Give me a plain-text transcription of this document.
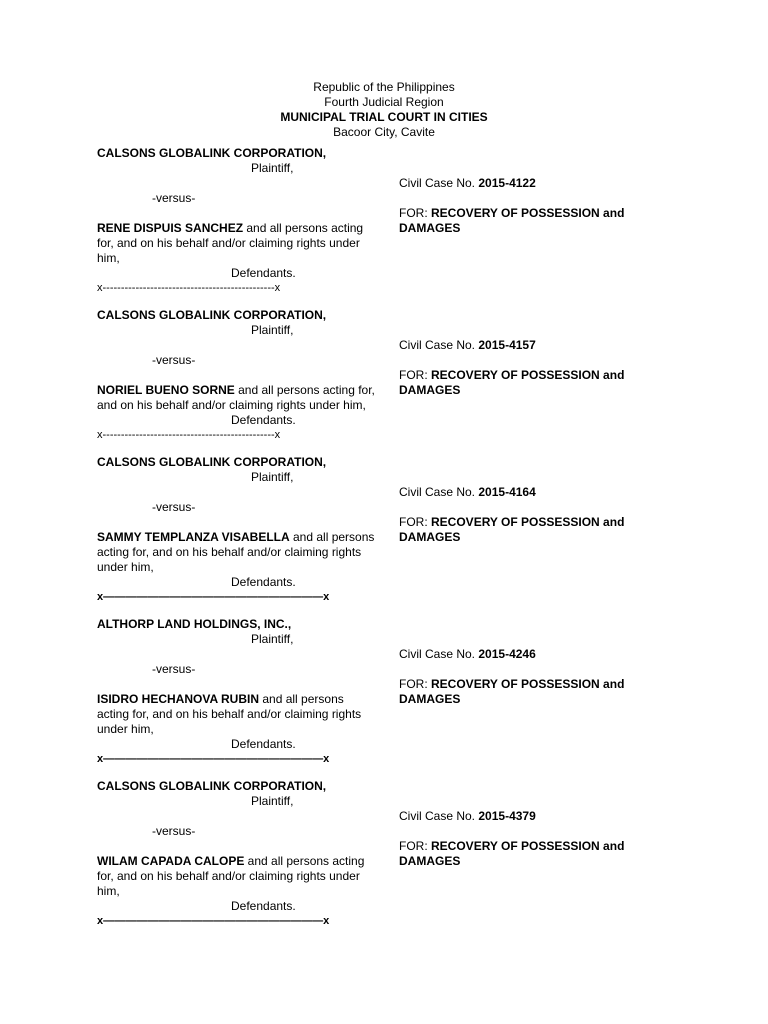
Republic of the Philippines
Fourth Judicial Region
MUNICIPAL TRIAL COURT IN CITIES
Bacoor City, Cavite
CALSONS GLOBALINK CORPORATION,
Plaintiff,
-versus-
RENE DISPUIS SANCHEZ and all persons acting for, and on his behalf and/or claiming rights under him,
Defendants.
x-----------------------------------------------x
Civil Case No. 2015-4122
FOR: RECOVERY OF POSSESSION and DAMAGES
CALSONS GLOBALINK CORPORATION,
Plaintiff,
-versus-
NORIEL BUENO SORNE and all persons acting for, and on his behalf and/or claiming rights under him,
Defendants.
x-----------------------------------------------x
Civil Case No. 2015-4157
FOR: RECOVERY OF POSSESSION and DAMAGES
CALSONS GLOBALINK CORPORATION,
Plaintiff,
-versus-
SAMMY TEMPLANZA VISABELLA and all persons acting for, and on his behalf and/or claiming rights under him,
Defendants.
x————————————————————x
Civil Case No. 2015-4164
FOR: RECOVERY OF POSSESSION and DAMAGES
ALTHORP LAND HOLDINGS, INC.,
Plaintiff,
-versus-
ISIDRO HECHANOVA RUBIN and all persons acting for, and on his behalf and/or claiming rights under him,
Defendants.
x————————————————————x
Civil Case No. 2015-4246
FOR: RECOVERY OF POSSESSION and DAMAGES
CALSONS GLOBALINK CORPORATION,
Plaintiff,
-versus-
WILAM CAPADA CALOPE and all persons acting for, and on his behalf and/or claiming rights under him,
Defendants.
x————————————————————x
Civil Case No. 2015-4379
FOR: RECOVERY OF POSSESSION and DAMAGES
